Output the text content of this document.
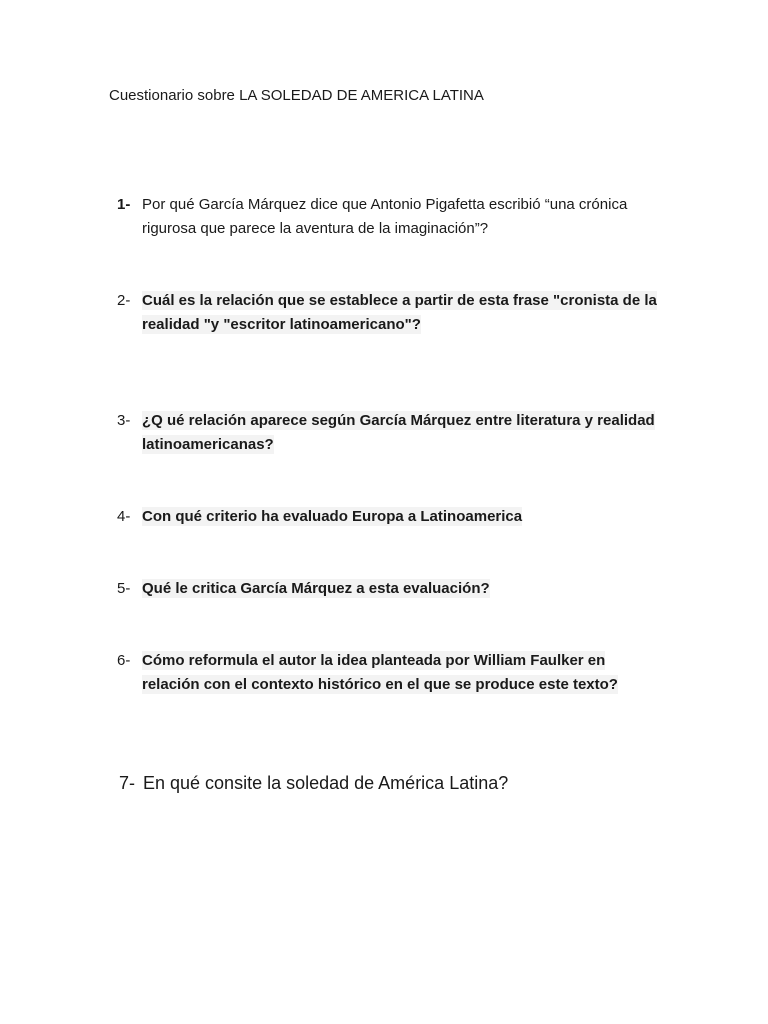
Cuestionario sobre LA SOLEDAD DE AMERICA LATINA
1- Por qué García Márquez dice que Antonio Pigafetta escribió “una crónica rigurosa que parece la aventura de la imaginación”?
2- Cuál es la relación que se establece a partir de esta frase "cronista de la realidad "y "escritor latinoamericano"?
3- ¿Q ué relación aparece según García Márquez entre literatura y realidad latinoamericanas?
4- Con qué criterio ha evaluado Europa a Latinoamerica
5- Qué le critica García Márquez a esta evaluación?
6- Cómo reformula el autor la idea planteada por William Faulker en relación con el contexto histórico en el que se produce este texto?
7- En qué consite la soledad de América Latina?
